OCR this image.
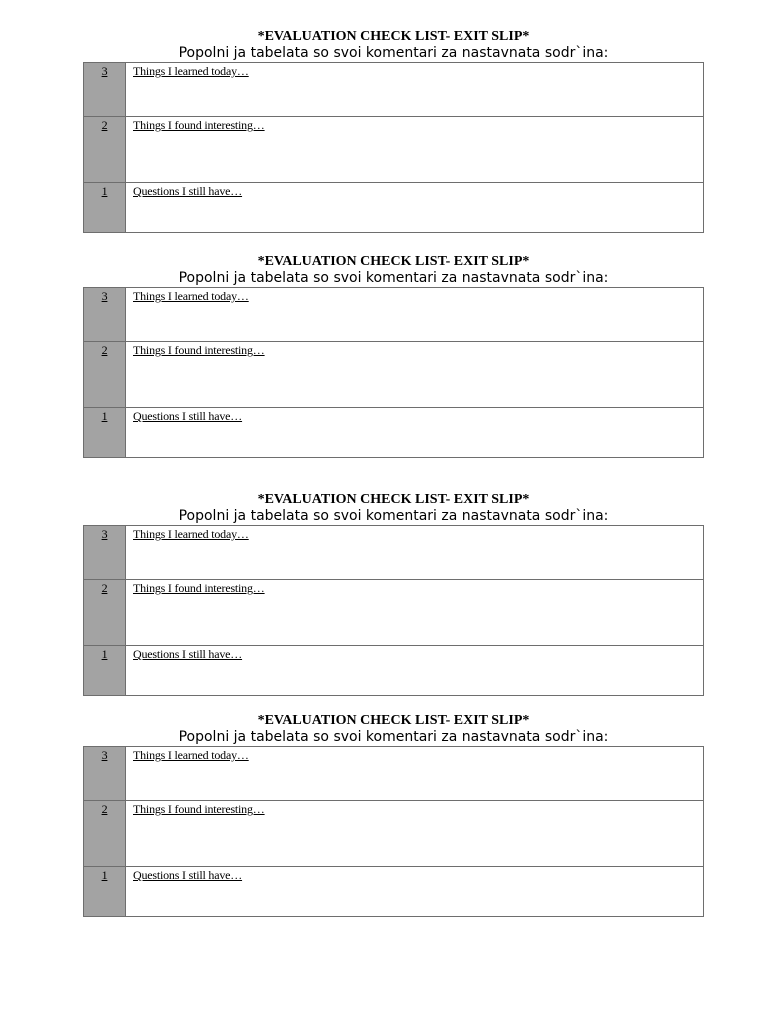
*EVALUATION CHECK LIST- EXIT SLIP*
Popolni ja tabelata so svoi komentari za nastavnata sodr`ina:
3	Things I learned today…
2	Things I found interesting…
1	Questions I still have…
*EVALUATION CHECK LIST- EXIT SLIP*
Popolni ja tabelata so svoi komentari za nastavnata sodr`ina:
3	Things I learned today…
2	Things I found interesting…
1	Questions I still have…
*EVALUATION CHECK LIST- EXIT SLIP*
Popolni ja tabelata so svoi komentari za nastavnata sodr`ina:
3	Things I learned today…
2	Things I found interesting…
1	Questions I still have…
*EVALUATION CHECK LIST- EXIT SLIP*
Popolni ja tabelata so svoi komentari za nastavnata sodr`ina:
3	Things I learned today…
2	Things I found interesting…
1	Questions I still have…
